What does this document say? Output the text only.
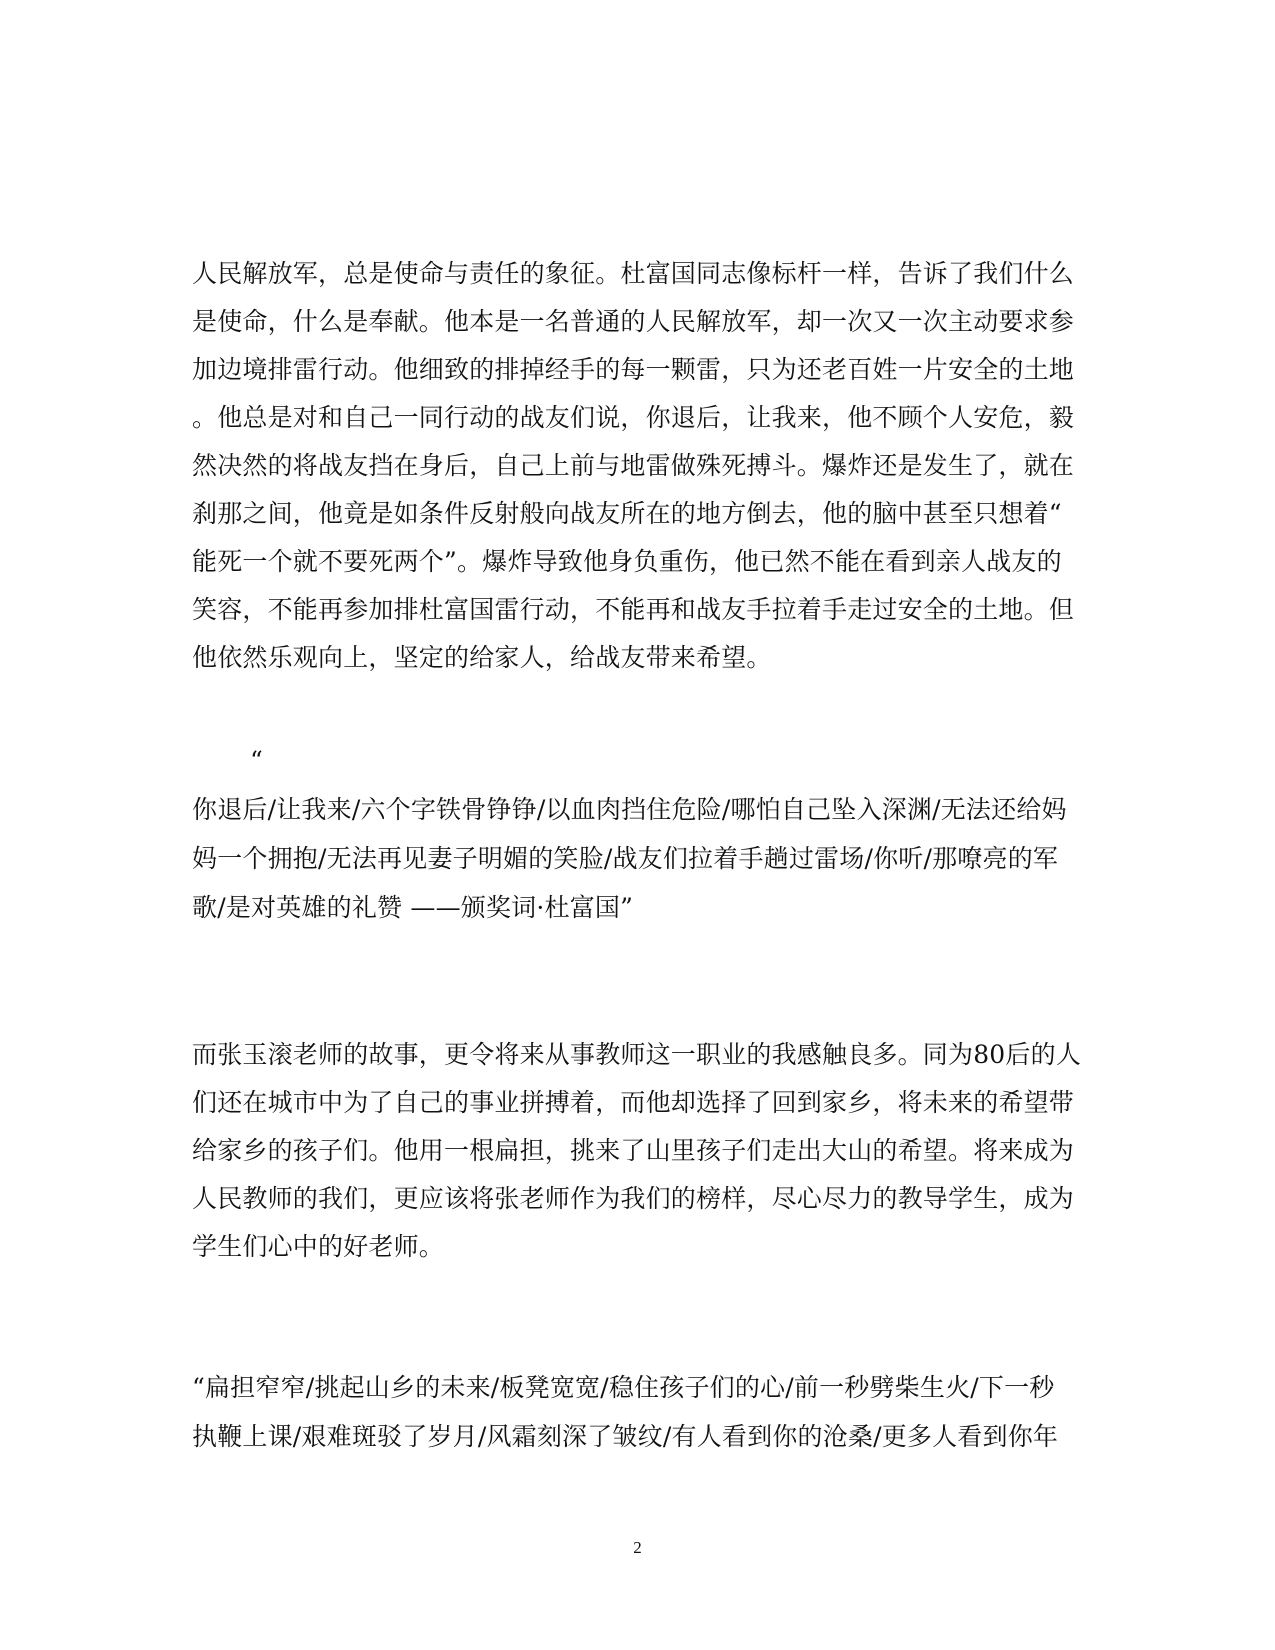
人民解放军，总是使命与责任的象征。杜富国同志像标杆一样，告诉了我们什么
是使命，什么是奉献。他本是一名普通的人民解放军，却一次又一次主动要求参
加边境排雷行动。他细致的排掉经手的每一颗雷，只为还老百姓一片安全的土地
。他总是对和自己一同行动的战友们说，你退后，让我来，他不顾个人安危，毅
然决然的将战友挡在身后，自己上前与地雷做殊死搏斗。爆炸还是发生了，就在
刹那之间，他竟是如条件反射般向战友所在的地方倒去，他的脑中甚至只想着“
能死一个就不要死两个”。爆炸导致他身负重伤，他已然不能在看到亲人战友的
笑容，不能再参加排杜富国雷行动，不能再和战友手拉着手走过安全的土地。但
他依然乐观向上，坚定的给家人，给战友带来希望。
“
你退后/让我来/六个字铁骨铮铮/以血肉挡住危险/哪怕自己坠入深渊/无法还给妈
妈一个拥抱/无法再见妻子明媚的笑脸/战友们拉着手趟过雷场/你听/那嘹亮的军
歌/是对英雄的礼赞 ——颁奖词·杜富国”
而张玉滚老师的故事，更令将来从事教师这一职业的我感触良多。同为80后的人
们还在城市中为了自己的事业拼搏着，而他却选择了回到家乡，将未来的希望带
给家乡的孩子们。他用一根扁担，挑来了山里孩子们走出大山的希望。将来成为
人民教师的我们，更应该将张老师作为我们的榜样，尽心尽力的教导学生，成为
学生们心中的好老师。
“扁担窄窄/挑起山乡的未来/板凳宽宽/稳住孩子们的心/前一秒劈柴生火/下一秒
执鞭上课/艰难斑驳了岁月/风霜刻深了皱纹/有人看到你的沧桑/更多人看到你年
2
